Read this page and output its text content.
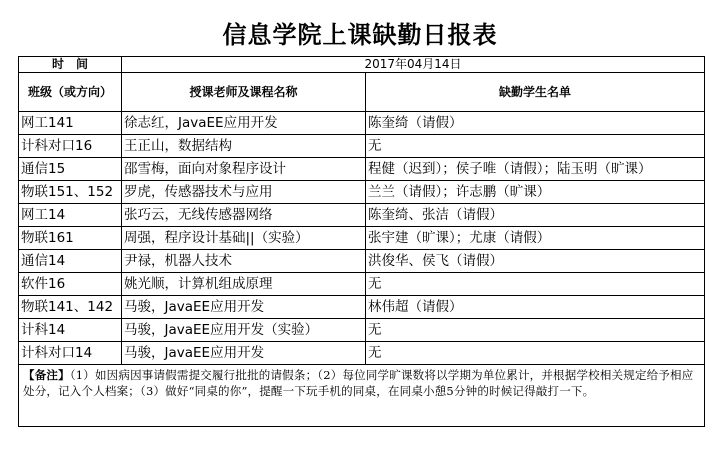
信息学院上课缺勤日报表
时　间	2017年04月14日	
班级（或方向）	授课老师及课程名称	缺勤学生名单
网工141	徐志红，JavaEE应用开发	陈奎绮（请假）
计科对口16	王正山，数据结构	无
通信15	邵雪梅，面向对象程序设计	程健（迟到）；侯子唯（请假）；陆玉明（旷课）
物联151、152	罗虎，传感器技术与应用	兰兰（请假）；许志鹏（旷课）
网工14	张巧云，无线传感器网络	陈奎绮、张洁（请假）
物联161	周强，程序设计基础||（实验）	张宇建（旷课）；尤康（请假）
通信14	尹禄，机器人技术	洪俊华、侯飞（请假）
软件16	姚光顺，计算机组成原理	无
物联141、142	马骏，JavaEE应用开发	林伟超（请假）
计科14	马骏，JavaEE应用开发（实验）	无
计科对口14	马骏，JavaEE应用开发	无
【备注】（1）如因病因事请假需提交履行批批的请假条；（2）每位同学旷课数将以学期为单位累计，并根据学校相关规定给予相应处分，记入个人档案；（3）做好“同桌的你”，提醒一下玩手机的同桌，在同桌小憩5分钟的时候记得敲打一下。		
